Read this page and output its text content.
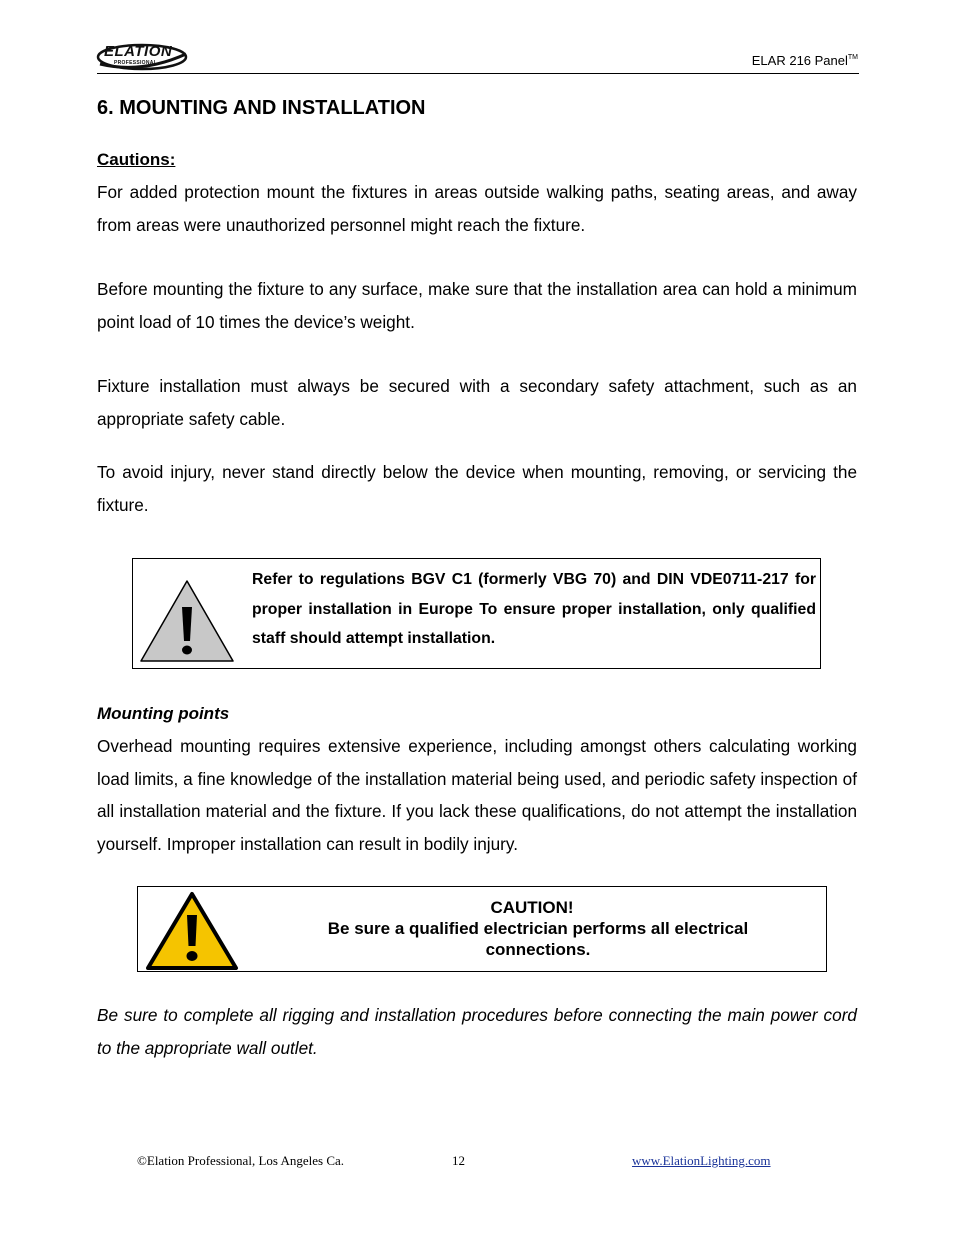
ELATION
PROFESSIONAL	ELAR 216 Panel™
6. MOUNTING AND INSTALLATION
Cautions:
For added protection mount the fixtures in areas outside walking paths, seating areas, and away from areas were unauthorized personnel might reach the fixture.
Before mounting the fixture to any surface, make sure that the installation area can hold a minimum point load of 10 times the device’s weight.
Fixture installation must always be secured with a secondary safety attachment, such as an appropriate safety cable.
To avoid injury, never stand directly below the device when mounting, removing, or servicing the fixture.
Refer to regulations BGV C1 (formerly VBG 70) and DIN VDE0711-217 for proper installation in Europe To ensure proper installation, only qualified staff should attempt installation.
Mounting points
Overhead mounting requires extensive experience, including amongst others calculating working load limits, a fine knowledge of the installation material being used, and periodic safety inspection of all installation material and the fixture. If you lack these qualifications, do not attempt the installation yourself. Improper installation can result in bodily injury.
CAUTION!
Be sure a qualified electrician performs all electrical connections.
Be sure to complete all rigging and installation procedures before connecting the main power cord to the appropriate wall outlet.
©Elation Professional, Los Angeles Ca.	12	www.ElationLighting.com
